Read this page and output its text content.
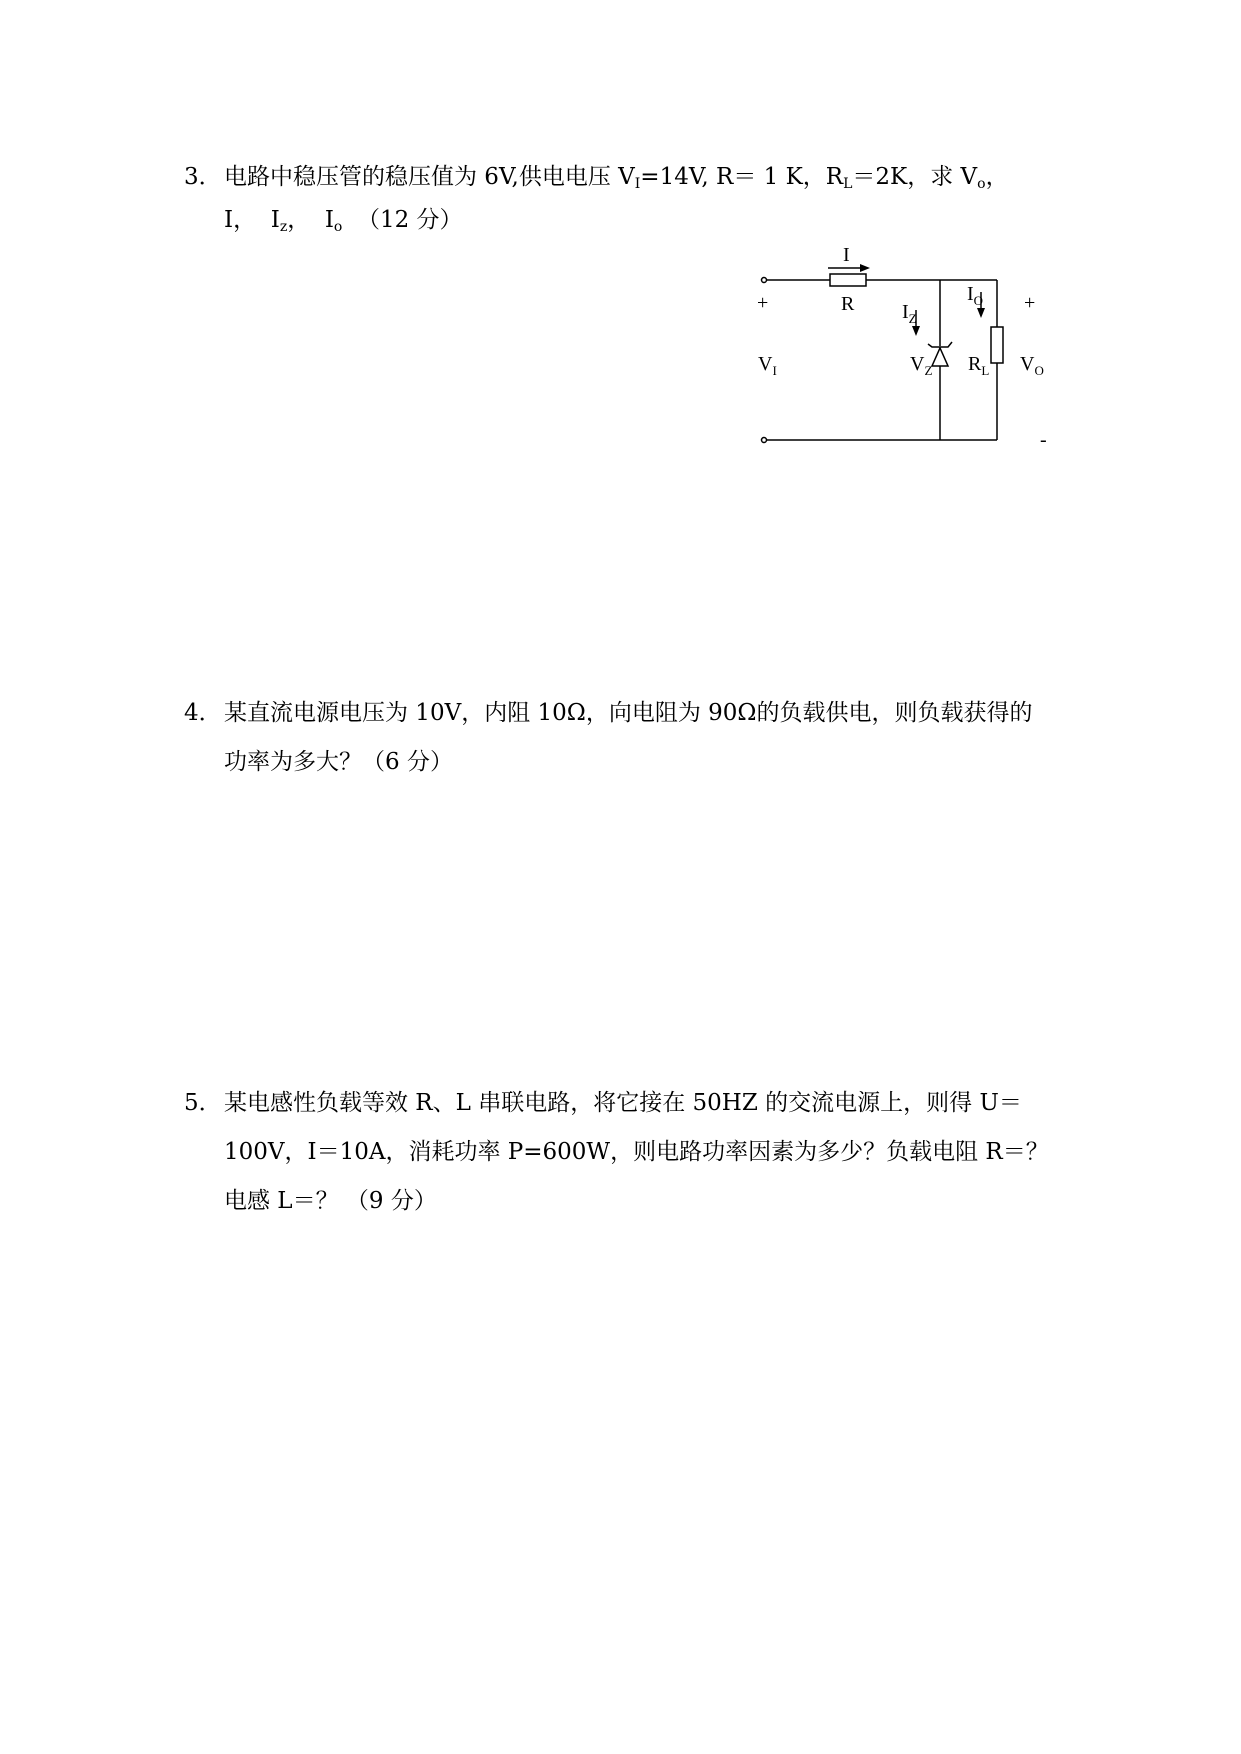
3． 电路中稳压管的稳压值为 6V,供电电压 $V_I=14V$, R＝ 1 K，$R_L=2K$，求 $V_o$，
Ⅰ， $Ⅰ_z$， $Ⅰ_o$ （12 分）
I
R
+	+
-
$I_Z$
$I_O$
$V_I$	$V_Z$ $R_L$ $V_O$
4． 某直流电源电压为 10V，内阻 10Ω，向电阻为 90Ω的负载供电，则负载获得的
功率为多大？（6 分）
5． 某电感性负载等效 R、L 串联电路，将它接在 50HZ 的交流电源上，则得 U＝
100V，I＝10A，消耗功率 P=600W，则电路功率因素为多少？负载电阻 R＝？
电感 L＝？ （9 分）
